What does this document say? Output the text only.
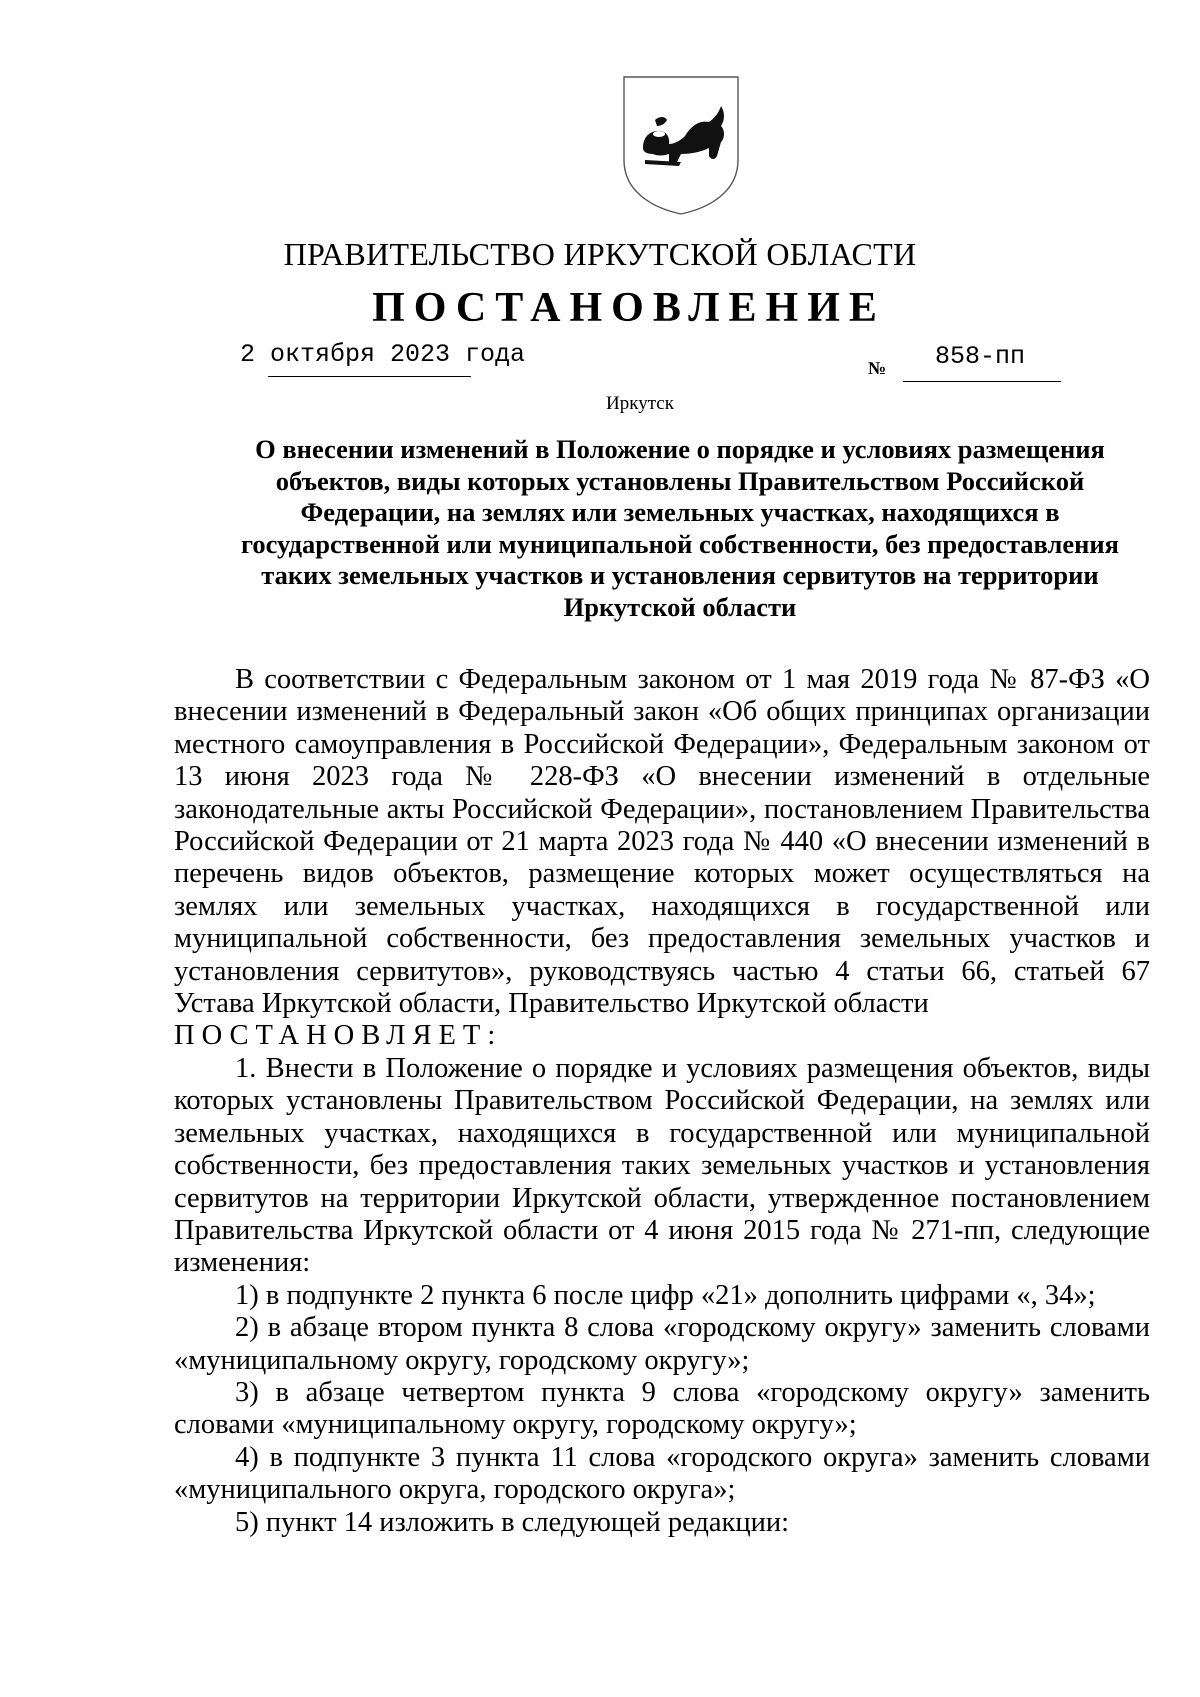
ПРАВИТЕЛЬСТВО ИРКУТСКОЙ ОБЛАСТИ
ПОСТАНОВЛЕНИЕ
2 октября 2023 года	№ 858-пп
Иркутск
О внесении изменений в Положение о порядке и условиях размещения объектов, виды которых установлены Правительством Российской Федерации, на землях или земельных участках, находящихся в государственной или муниципальной собственности, без предоставления таких земельных участков и установления сервитутов на территории Иркутской области

В соответствии с Федеральным законом от 1 мая 2019 года № 87-ФЗ «О внесении изменений в Федеральный закон «Об общих принципах организации местного самоуправления в Российской Федерации», Федеральным законом от 13 июня 2023 года № 228-ФЗ «О внесении изменений в отдельные законодательные акты Российской Федерации», постановлением Правительства Российской Федерации от 21 марта 2023 года № 440 «О внесении изменений в перечень видов объектов, размещение которых может осуществляться на землях или земельных участках, находящихся в государственной или муниципальной собственности, без предоставления земельных участков и установления сервитутов», руководствуясь частью 4 статьи 66, статьей 67 Устава Иркутской области, Правительство Иркутской области

ПОСТАНОВЛЯЕТ:

1. Внести в Положение о порядке и условиях размещения объектов, виды которых установлены Правительством Российской Федерации, на землях или земельных участках, находящихся в государственной или муниципальной собственности, без предоставления таких земельных участков и установления сервитутов на территории Иркутской области, утвержденное постановлением Правительства Иркутской области от 4 июня 2015 года № 271-пп, следующие изменения:

1) в подпункте 2 пункта 6 после цифр «21» дополнить цифрами «, 34»;

2) в абзаце втором пункта 8 слова «городскому округу» заменить словами «муниципальному округу, городскому округу»;

3) в абзаце четвертом пункта 9 слова «городскому округу» заменить словами «муниципальному округу, городскому округу»;

4) в подпункте 3 пункта 11 слова «городского округа» заменить словами «муниципального округа, городского округа»;

5) пункт 14 изложить в следующей редакции:
